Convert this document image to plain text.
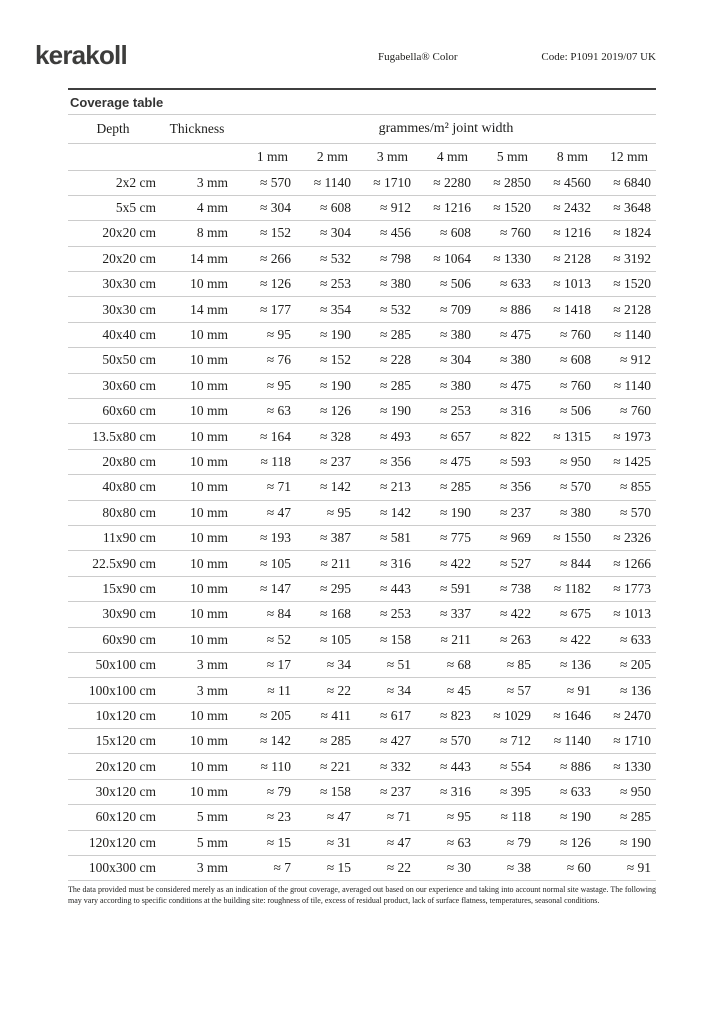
kerakoll	Fugabella® Color	Code: P1091 2019/07 UK
Coverage table
Depth	Thickness	grammes/m² joint width						
		1 mm	2 mm	3 mm	4 mm	5 mm	8 mm	12 mm
2x2 cm	3 mm	≈ 570	≈ 1140	≈ 1710	≈ 2280	≈ 2850	≈ 4560	≈ 6840
5x5 cm	4 mm	≈ 304	≈ 608	≈ 912	≈ 1216	≈ 1520	≈ 2432	≈ 3648
20x20 cm	8 mm	≈ 152	≈ 304	≈ 456	≈ 608	≈ 760	≈ 1216	≈ 1824
20x20 cm	14 mm	≈ 266	≈ 532	≈ 798	≈ 1064	≈ 1330	≈ 2128	≈ 3192
30x30 cm	10 mm	≈ 126	≈ 253	≈ 380	≈ 506	≈ 633	≈ 1013	≈ 1520
30x30 cm	14 mm	≈ 177	≈ 354	≈ 532	≈ 709	≈ 886	≈ 1418	≈ 2128
40x40 cm	10 mm	≈ 95	≈ 190	≈ 285	≈ 380	≈ 475	≈ 760	≈ 1140
50x50 cm	10 mm	≈ 76	≈ 152	≈ 228	≈ 304	≈ 380	≈ 608	≈ 912
30x60 cm	10 mm	≈ 95	≈ 190	≈ 285	≈ 380	≈ 475	≈ 760	≈ 1140
60x60 cm	10 mm	≈ 63	≈ 126	≈ 190	≈ 253	≈ 316	≈ 506	≈ 760
13.5x80 cm	10 mm	≈ 164	≈ 328	≈ 493	≈ 657	≈ 822	≈ 1315	≈ 1973
20x80 cm	10 mm	≈ 118	≈ 237	≈ 356	≈ 475	≈ 593	≈ 950	≈ 1425
40x80 cm	10 mm	≈ 71	≈ 142	≈ 213	≈ 285	≈ 356	≈ 570	≈ 855
80x80 cm	10 mm	≈ 47	≈ 95	≈ 142	≈ 190	≈ 237	≈ 380	≈ 570
11x90 cm	10 mm	≈ 193	≈ 387	≈ 581	≈ 775	≈ 969	≈ 1550	≈ 2326
22.5x90 cm	10 mm	≈ 105	≈ 211	≈ 316	≈ 422	≈ 527	≈ 844	≈ 1266
15x90 cm	10 mm	≈ 147	≈ 295	≈ 443	≈ 591	≈ 738	≈ 1182	≈ 1773
30x90 cm	10 mm	≈ 84	≈ 168	≈ 253	≈ 337	≈ 422	≈ 675	≈ 1013
60x90 cm	10 mm	≈ 52	≈ 105	≈ 158	≈ 211	≈ 263	≈ 422	≈ 633
50x100 cm	3 mm	≈ 17	≈ 34	≈ 51	≈ 68	≈ 85	≈ 136	≈ 205
100x100 cm	3 mm	≈ 11	≈ 22	≈ 34	≈ 45	≈ 57	≈ 91	≈ 136
10x120 cm	10 mm	≈ 205	≈ 411	≈ 617	≈ 823	≈ 1029	≈ 1646	≈ 2470
15x120 cm	10 mm	≈ 142	≈ 285	≈ 427	≈ 570	≈ 712	≈ 1140	≈ 1710
20x120 cm	10 mm	≈ 110	≈ 221	≈ 332	≈ 443	≈ 554	≈ 886	≈ 1330
30x120 cm	10 mm	≈ 79	≈ 158	≈ 237	≈ 316	≈ 395	≈ 633	≈ 950
60x120 cm	5 mm	≈ 23	≈ 47	≈ 71	≈ 95	≈ 118	≈ 190	≈ 285
120x120 cm	5 mm	≈ 15	≈ 31	≈ 47	≈ 63	≈ 79	≈ 126	≈ 190
100x300 cm	3 mm	≈ 7	≈ 15	≈ 22	≈ 30	≈ 38	≈ 60	≈ 91
The data provided must be considered merely as an indication of the grout coverage, averaged out based on our experience and taking into account normal site wastage. The following may vary according to specific conditions at the building site: roughness of tile, excess of residual product, lack of surface flatness, temperatures, seasonal conditions.
